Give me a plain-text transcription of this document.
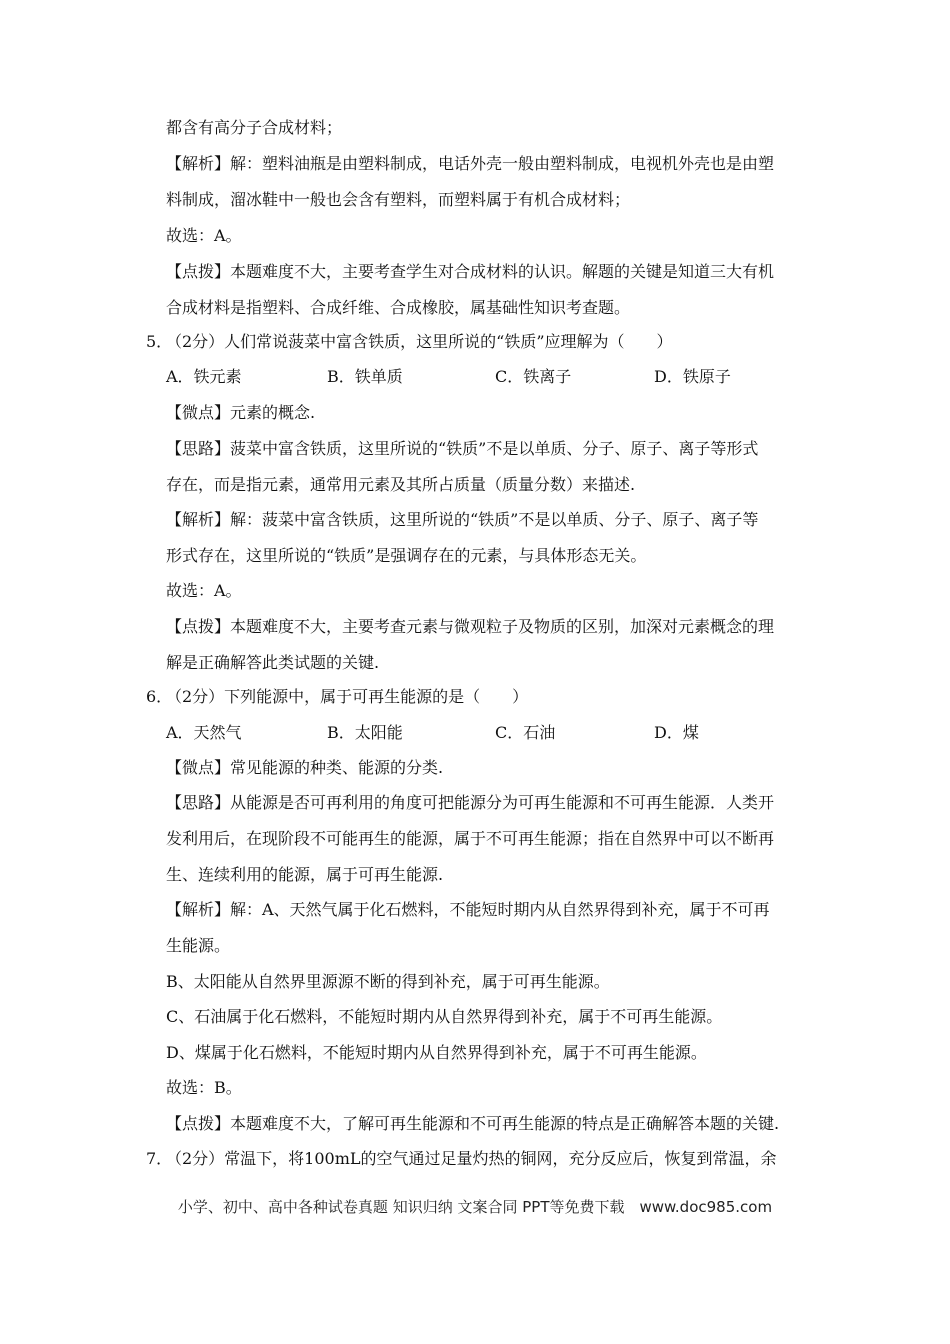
都含有高分子合成材料；
【解析】解：塑料油瓶是由塑料制成，电话外壳一般由塑料制成，电视机外壳也是由塑
料制成，溜冰鞋中一般也会含有塑料，而塑料属于有机合成材料；
故选：A。
【点拨】本题难度不大，主要考查学生对合成材料的认识。解题的关键是知道三大有机
合成材料是指塑料、合成纤维、合成橡胶，属基础性知识考查题。
5．（2分）人们常说菠菜中富含铁质，这里所说的“铁质”应理解为（　　）
A．铁元素	B．铁单质	C．铁离子	D．铁原子
【微点】元素的概念.
【思路】菠菜中富含铁质，这里所说的“铁质”不是以单质、分子、原子、离子等形式
存在，而是指元素，通常用元素及其所占质量（质量分数）来描述.
【解析】解：菠菜中富含铁质，这里所说的“铁质”不是以单质、分子、原子、离子等
形式存在，这里所说的“铁质”是强调存在的元素，与具体形态无关。
故选：A。
【点拨】本题难度不大，主要考查元素与微观粒子及物质的区别，加深对元素概念的理
解是正确解答此类试题的关键.
6．（2分）下列能源中，属于可再生能源的是（　　）
A．天然气	B．太阳能	C．石油	D．煤
【微点】常见能源的种类、能源的分类.
【思路】从能源是否可再利用的角度可把能源分为可再生能源和不可再生能源．人类开
发利用后，在现阶段不可能再生的能源，属于不可再生能源；指在自然界中可以不断再
生、连续利用的能源，属于可再生能源.
【解析】解：A、天然气属于化石燃料，不能短时期内从自然界得到补充，属于不可再
生能源。
B、太阳能从自然界里源源不断的得到补充，属于可再生能源。
C、石油属于化石燃料，不能短时期内从自然界得到补充，属于不可再生能源。
D、煤属于化石燃料，不能短时期内从自然界得到补充，属于不可再生能源。
故选：B。
【点拨】本题难度不大，了解可再生能源和不可再生能源的特点是正确解答本题的关键.
7．（2分）常温下，将100mL的空气通过足量灼热的铜网，充分反应后，恢复到常温，余
小学、初中、高中各种试卷真题 知识归纳 文案合同 PPT等免费下载　www.doc985.com
